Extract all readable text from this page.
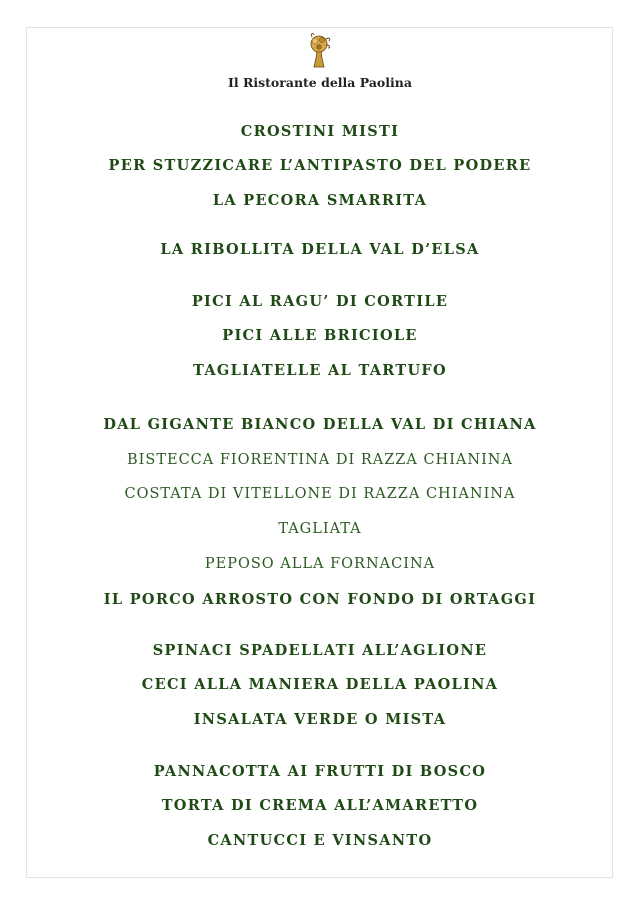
Il Ristorante della Paolina
CROSTINI MISTI
PER STUZZICARE L’ANTIPASTO DEL PODERE
LA PECORA SMARRITA
LA RIBOLLITA DELLA VAL D’ELSA
PICI AL RAGU’ DI CORTILE
PICI ALLE BRICIOLE
TAGLIATELLE AL TARTUFO
DAL GIGANTE BIANCO DELLA VAL DI CHIANA
BISTECCA FIORENTINA DI RAZZA CHIANINA
COSTATA DI VITELLONE DI RAZZA CHIANINA
TAGLIATA
PEPOSO ALLA FORNACINA
IL PORCO ARROSTO CON FONDO DI ORTAGGI
SPINACI SPADELLATI ALL’AGLIONE
CECI ALLA MANIERA DELLA PAOLINA
INSALATA VERDE O MISTA
PANNACOTTA AI FRUTTI DI BOSCO
TORTA DI CREMA ALL’AMARETTO
CANTUCCI E VINSANTO
